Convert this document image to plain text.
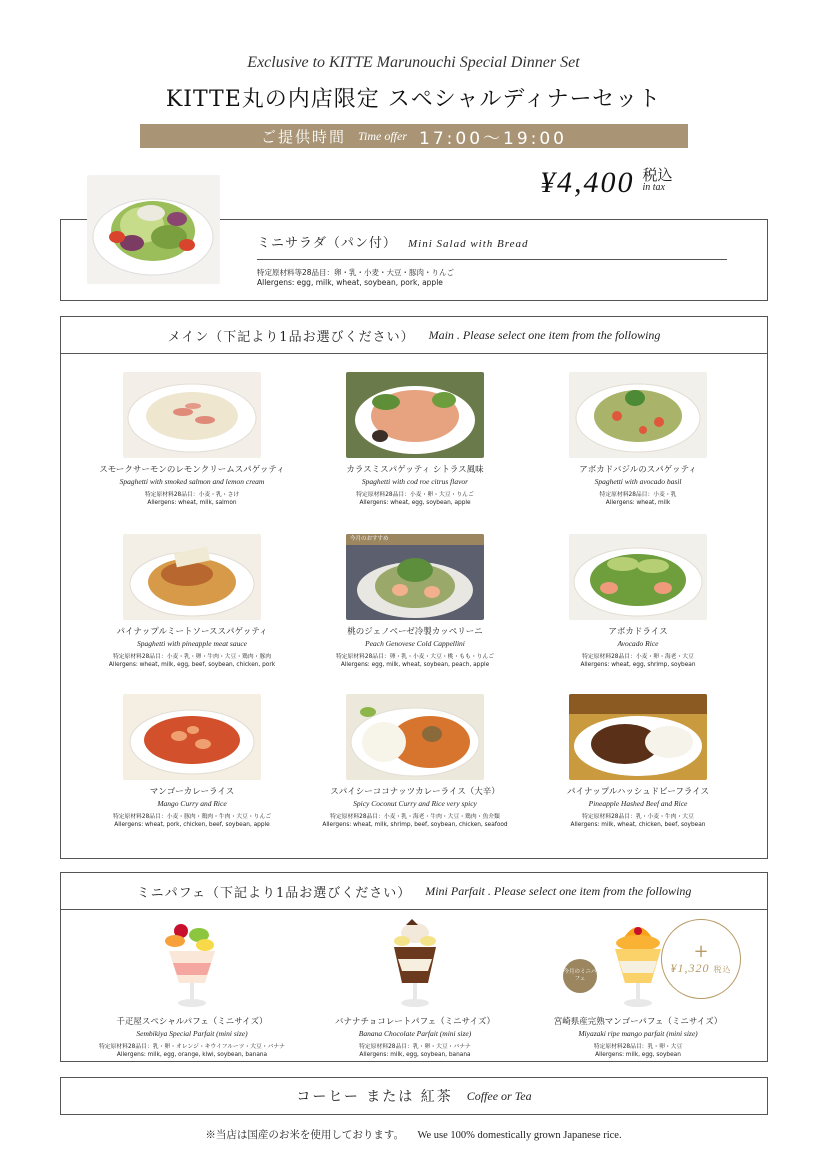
Exclusive to KITTE Marunouchi Special Dinner Set
KITTE丸の内店限定 スペシャルディナーセット
ご提供時間 Time offer 17:00〜19:00
¥4,400 税込
in tax
ミニサラダ（パン付） Mini Salad with Bread
特定原材料等28品目：卵・乳・小麦・大豆・豚肉・りんご
Allergens: egg, milk, wheat, soybean, pork, apple
メイン（下記より1品お選びください） Main . Please select one item from the following
スモークサーモンのレモンクリームスパゲッティ
Spaghetti with smoked salmon and lemon cream
特定原材料28品目：小麦・乳・さけ
Allergens: wheat, milk, salmon
カラスミスパゲッティ シトラス風味
Spaghetti with cod roe citrus flavor
特定原材料28品目：小麦・卵・大豆・りんご
Allergens: wheat, egg, soybean, apple
アボカドバジルのスパゲッティ
Spaghetti with avocado basil
特定原材料28品目：小麦・乳
Allergens: wheat, milk
パイナップルミートソーススパゲッティ
Spaghetti with pineapple meat sauce
特定原材料28品目：小麦・乳・卵・牛肉・大豆・鶏肉・豚肉
Allergens: wheat, milk, egg, beef, soybean, chicken, pork
今月のおすすめ
桃のジェノベーゼ冷製カッペリーニ
Peach Genovese Cold Cappellini
特定原材料28品目：卵・乳・小麦・大豆・桃・もも・りんご
Allergens: egg, milk, wheat, soybean, peach, apple
アボカドライス
Avocado Rice
特定原材料28品目：小麦・卵・海老・大豆
Allergens: wheat, egg, shrimp, soybean
マンゴーカレーライス
Mango Curry and Rice
特定原材料28品目：小麦・豚肉・鶏肉・牛肉・大豆・りんご
Allergens: wheat, pork, chicken, beef, soybean, apple
スパイシーココナッツカレーライス（大辛）
Spicy Coconut Curry and Rice very spicy
特定原材料28品目：小麦・乳・海老・牛肉・大豆・鶏肉・魚介類
Allergens: wheat, milk, shrimp, beef, soybean, chicken, seafood
パイナップルハッシュドビーフライス
Pineapple Hashed Beef and Rice
特定原材料28品目：乳・小麦・牛肉・大豆
Allergens: milk, wheat, chicken, beef, soybean
ミニパフェ（下記より1品お選びください） Mini Parfait . Please select one item from the following
千疋屋スペシャルパフェ（ミニサイズ）
Sembikiya Special Parfait (mini size)
特定原材料28品目：乳・卵・オレンジ・キウイフルーツ・大豆・バナナ
Allergens: milk, egg, orange, kiwi, soybean, banana
バナナチョコレートパフェ（ミニサイズ）
Banana Chocolate Parfait (mini size)
特定原材料28品目：乳・卵・大豆・バナナ
Allergens: milk, egg, soybean, banana
宮崎県産完熟マンゴーパフェ（ミニサイズ）
Miyazaki ripe mango parfait (mini size)
特定原材料28品目：乳・卵・大豆
Allergens: milk, egg, soybean
今月のミニパフェ
+
¥1,320 税込
コーヒー または 紅茶 Coffee or Tea
※当店は国産のお米を使用しております。 We use 100% domestically grown Japanese rice.
